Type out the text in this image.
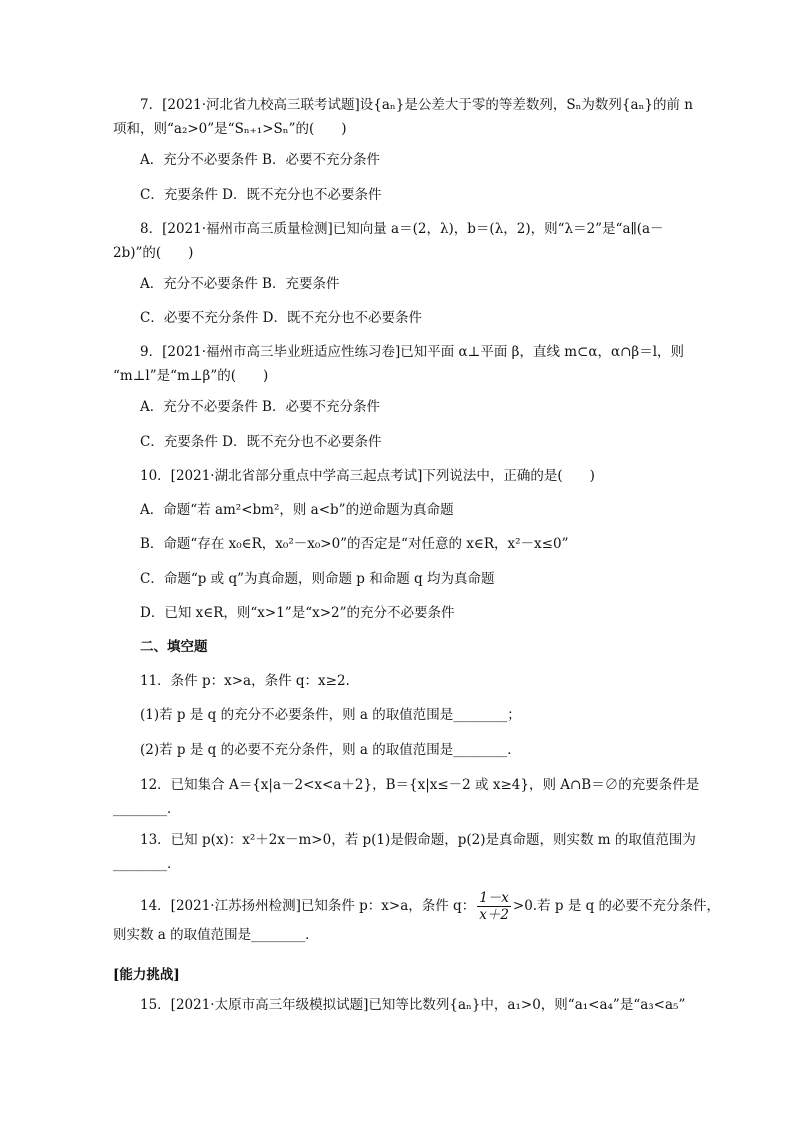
7．[2021·河北省九校高三联考试题]设{aₙ}是公差大于零的等差数列，Sₙ为数列{aₙ}的前 n
项和，则“a₂>0”是“Sₙ₊₁>Sₙ”的(　　)
A．充分不必要条件 B．必要不充分条件
C．充要条件 D．既不充分也不必要条件
8．[2021·福州市高三质量检测]已知向量 a＝(2，λ)，b＝(λ，2)，则“λ＝2”是“a∥(a－
2b)”的(　　)
A．充分不必要条件 B．充要条件
C．必要不充分条件 D．既不充分也不必要条件
9．[2021·福州市高三毕业班适应性练习卷]已知平面 α⊥平面 β，直线 m⊂α，α∩β＝l，则
“m⊥l”是“m⊥β”的(　　)
A．充分不必要条件 B．必要不充分条件
C．充要条件 D．既不充分也不必要条件
10．[2021·湖北省部分重点中学高三起点考试]下列说法中，正确的是(　　)
A．命题“若 am²<bm²，则 a<b”的逆命题为真命题
B．命题“存在 x₀∈R，x₀²－x₀>0”的否定是“对任意的 x∈R，x²－x≤0”
C．命题“p 或 q”为真命题，则命题 p 和命题 q 均为真命题
D．已知 x∈R，则“x>1”是“x>2”的充分不必要条件
二、填空题
11．条件 p：x>a，条件 q：x≥2.
(1)若 p 是 q 的充分不必要条件，则 a 的取值范围是________；
(2)若 p 是 q 的必要不充分条件，则 a 的取值范围是________．
12．已知集合 A＝{x|a－2<x<a＋2}，B＝{x|x≤－2 或 x≥4}，则 A∩B＝∅的充要条件是
________．
13．已知 p(x)：x²＋2x－m>0，若 p(1)是假命题，p(2)是真命题，则实数 m 的取值范围为
________．
14．[2021·江苏扬州检测]已知条件 p：x>a，条件 q： $\frac{1-x}{x+2} >0$.若 p 是 q 的必要不充分条件，
则实数 a 的取值范围是________．
[能力挑战]
15．[2021·太原市高三年级模拟试题]已知等比数列{aₙ}中，a₁>0，则“a₁<a₄”是“a₃<a₅”
